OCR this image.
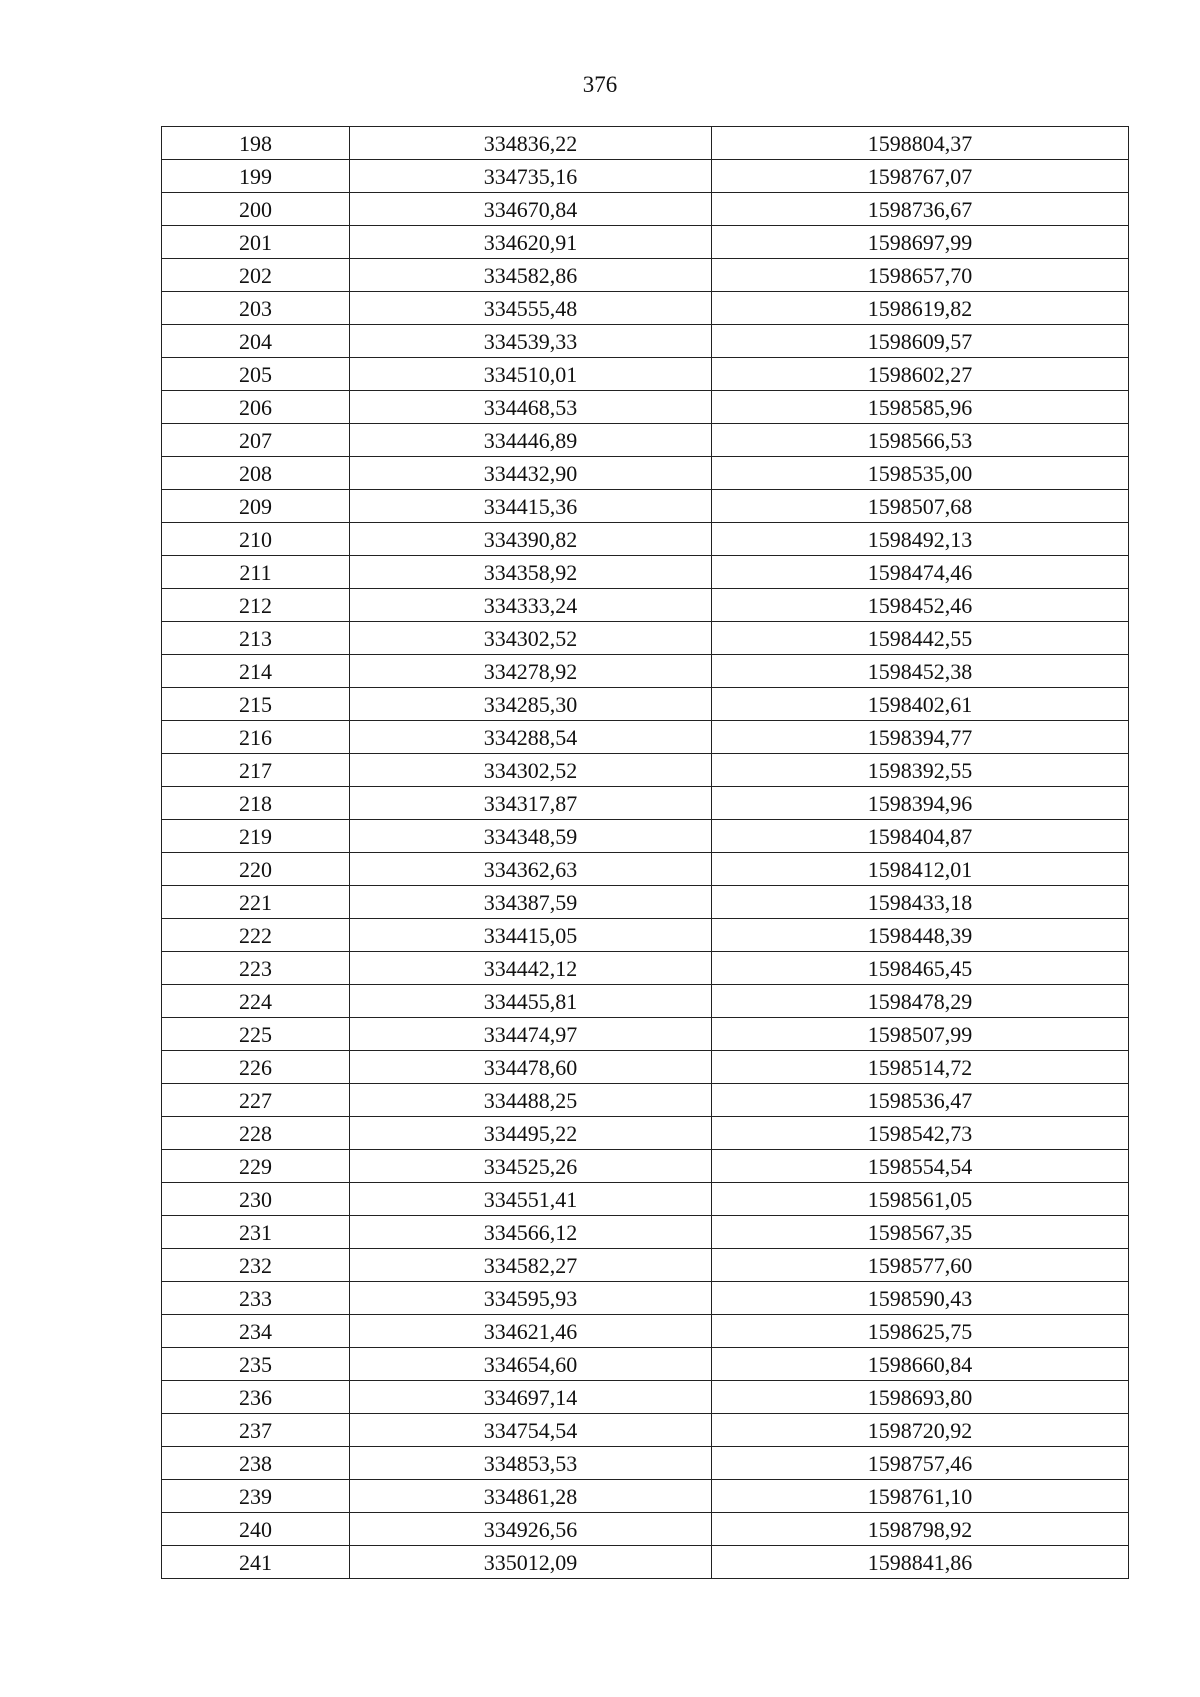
376
198	334836,22	1598804,37
199	334735,16	1598767,07
200	334670,84	1598736,67
201	334620,91	1598697,99
202	334582,86	1598657,70
203	334555,48	1598619,82
204	334539,33	1598609,57
205	334510,01	1598602,27
206	334468,53	1598585,96
207	334446,89	1598566,53
208	334432,90	1598535,00
209	334415,36	1598507,68
210	334390,82	1598492,13
211	334358,92	1598474,46
212	334333,24	1598452,46
213	334302,52	1598442,55
214	334278,92	1598452,38
215	334285,30	1598402,61
216	334288,54	1598394,77
217	334302,52	1598392,55
218	334317,87	1598394,96
219	334348,59	1598404,87
220	334362,63	1598412,01
221	334387,59	1598433,18
222	334415,05	1598448,39
223	334442,12	1598465,45
224	334455,81	1598478,29
225	334474,97	1598507,99
226	334478,60	1598514,72
227	334488,25	1598536,47
228	334495,22	1598542,73
229	334525,26	1598554,54
230	334551,41	1598561,05
231	334566,12	1598567,35
232	334582,27	1598577,60
233	334595,93	1598590,43
234	334621,46	1598625,75
235	334654,60	1598660,84
236	334697,14	1598693,80
237	334754,54	1598720,92
238	334853,53	1598757,46
239	334861,28	1598761,10
240	334926,56	1598798,92
241	335012,09	1598841,86
